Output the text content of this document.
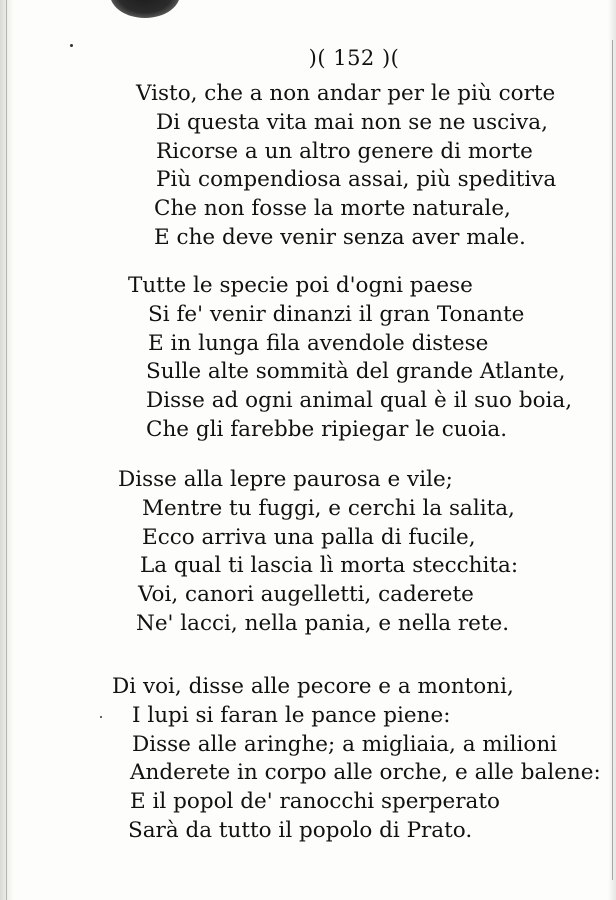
)( 152 )(
Visto, che a non andar per le più corte
Di questa vita mai non se ne usciva,
Ricorse a un altro genere di morte
Più compendiosa assai, più speditiva
Che non fosse la morte naturale,
E che deve venir senza aver male.
Tutte le specie poi d'ogni paese
Si fe' venir dinanzi il gran Tonante
E in lunga fila avendole distese
Sulle alte sommità del grande Atlante,
Disse ad ogni animal qual è il suo boia,
Che gli farebbe ripiegar le cuoia.
Disse alla lepre paurosa e vile;
Mentre tu fuggi, e cerchi la salita,
Ecco arriva una palla di fucile,
La qual ti lascia lì morta stecchita:
Voi, canori augelletti, caderete
Ne' lacci, nella pania, e nella rete.
Di voi, disse alle pecore e a montoni,
I lupi si faran le pance piene:
Disse alle aringhe; a migliaia, a milioni
Anderete in corpo alle orche, e alle balene:
E il popol de' ranocchi sperperato
Sarà da tutto il popolo di Prato.
